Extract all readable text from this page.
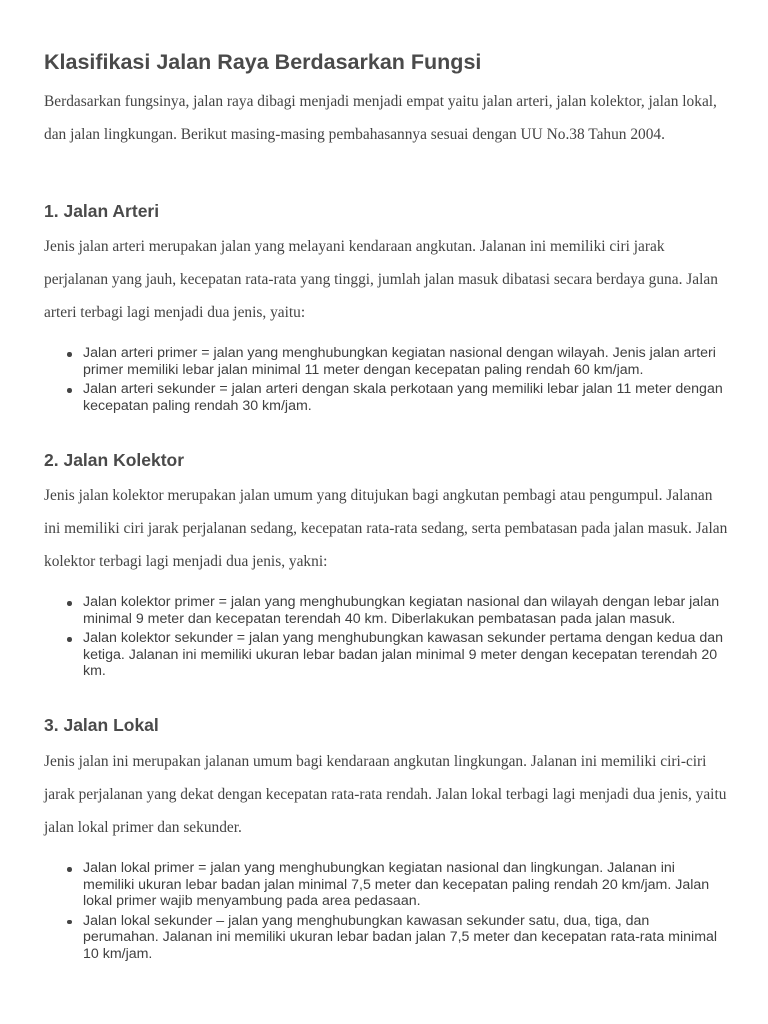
Klasifikasi Jalan Raya Berdasarkan Fungsi

Berdasarkan fungsinya, jalan raya dibagi menjadi menjadi empat yaitu jalan arteri, jalan kolektor, jalan lokal, dan jalan lingkungan. Berikut masing-masing pembahasannya sesuai dengan UU No.38 Tahun 2004.

1. Jalan Arteri

Jenis jalan arteri merupakan jalan yang melayani kendaraan angkutan. Jalanan ini memiliki ciri jarak perjalanan yang jauh, kecepatan rata-rata yang tinggi, jumlah jalan masuk dibatasi secara berdaya guna. Jalan arteri terbagi lagi menjadi dua jenis, yaitu:

Jalan arteri primer = jalan yang menghubungkan kegiatan nasional dengan wilayah. Jenis jalan arteri primer memiliki lebar jalan minimal 11 meter dengan kecepatan paling rendah 60 km/jam.
Jalan arteri sekunder = jalan arteri dengan skala perkotaan yang memiliki lebar jalan 11 meter dengan kecepatan paling rendah 30 km/jam.
2. Jalan Kolektor

Jenis jalan kolektor merupakan jalan umum yang ditujukan bagi angkutan pembagi atau pengumpul. Jalanan ini memiliki ciri jarak perjalanan sedang, kecepatan rata-rata sedang, serta pembatasan pada jalan masuk. Jalan kolektor terbagi lagi menjadi dua jenis, yakni:

Jalan kolektor primer = jalan yang menghubungkan kegiatan nasional dan wilayah dengan lebar jalan minimal 9 meter dan kecepatan terendah 40 km. Diberlakukan pembatasan pada jalan masuk.
Jalan kolektor sekunder = jalan yang menghubungkan kawasan sekunder pertama dengan kedua dan ketiga. Jalanan ini memiliki ukuran lebar badan jalan minimal 9 meter dengan kecepatan terendah 20 km.
3. Jalan Lokal

Jenis jalan ini merupakan jalanan umum bagi kendaraan angkutan lingkungan. Jalanan ini memiliki ciri-ciri jarak perjalanan yang dekat dengan kecepatan rata-rata rendah. Jalan lokal terbagi lagi menjadi dua jenis, yaitu jalan lokal primer dan sekunder.

Jalan lokal primer = jalan yang menghubungkan kegiatan nasional dan lingkungan. Jalanan ini memiliki ukuran lebar badan jalan minimal 7,5 meter dan kecepatan paling rendah 20 km/jam. Jalan lokal primer wajib menyambung pada area pedasaan.
Jalan lokal sekunder – jalan yang menghubungkan kawasan sekunder satu, dua, tiga, dan perumahan. Jalanan ini memiliki ukuran lebar badan jalan 7,5 meter dan kecepatan rata-rata minimal 10 km/jam.
